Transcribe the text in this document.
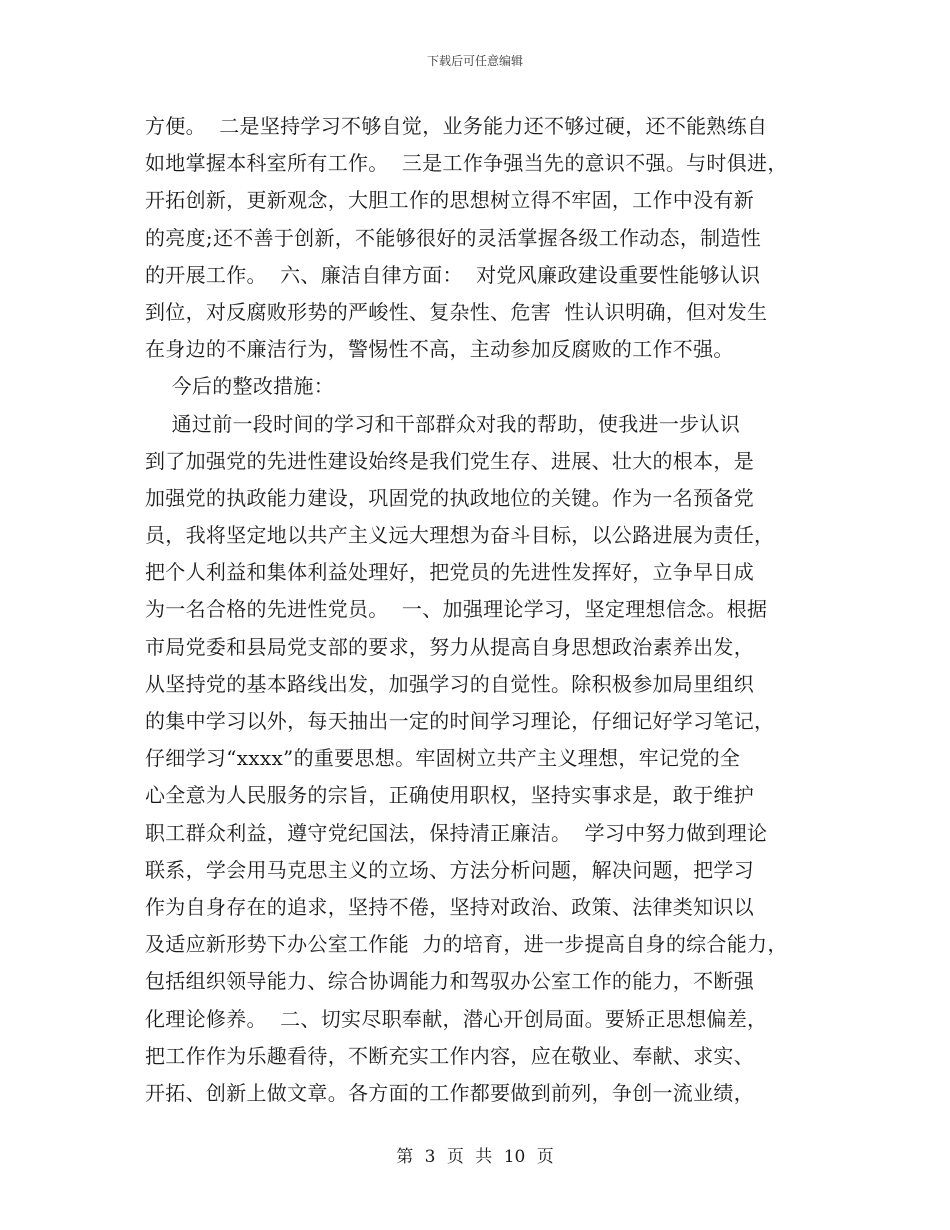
下载后可任意编辑
方便。  二是坚持学习不够自觉，业务能力还不够过硬，还不能熟练自
如地掌握本科室所有工作。  三是工作争强当先的意识不强。与时俱进，
开拓创新，更新观念，大胆工作的思想树立得不牢固，工作中没有新
的亮度;还不善于创新，不能够很好的灵活掌握各级工作动态，制造性
的开展工作。  六、廉洁自律方面：  对党风廉政建设重要性能够认识
到位，对反腐败形势的严峻性、复杂性、危害  性认识明确，但对发生
在身边的不廉洁行为，警惕性不高，主动参加反腐败的工作不强。
今后的整改措施：
通过前一段时间的学习和干部群众对我的帮助，使我进一步认识
到了加强党的先进性建设始终是我们党生存、进展、壮大的根本，是
加强党的执政能力建设，巩固党的执政地位的关键。作为一名预备党
员，我将坚定地以共产主义远大理想为奋斗目标，以公路进展为责任，
把个人利益和集体利益处理好，把党员的先进性发挥好，立争早日成
为一名合格的先进性党员。  一、加强理论学习，坚定理想信念。根据
市局党委和县局党支部的要求，努力从提高自身思想政治素养出发，
从坚持党的基本路线出发，加强学习的自觉性。除积极参加局里组织
的集中学习以外，每天抽出一定的时间学习理论，仔细记好学习笔记，
仔细学习“xxxx”的重要思想。牢固树立共产主义理想，牢记党的全
心全意为人民服务的宗旨，正确使用职权，坚持实事求是，敢于维护
职工群众利益，遵守党纪国法，保持清正廉洁。  学习中努力做到理论
联系，学会用马克思主义的立场、方法分析问题，解决问题，把学习
作为自身存在的追求，坚持不倦，坚持对政治、政策、法律类知识以
及适应新形势下办公室工作能  力的培育，进一步提高自身的综合能力，
包括组织领导能力、综合协调能力和驾驭办公室工作的能力，不断强
化理论修养。  二、切实尽职奉献，潜心开创局面。要矫正思想偏差，
把工作作为乐趣看待，不断充实工作内容，应在敬业、奉献、求实、
开拓、创新上做文章。各方面的工作都要做到前列，争创一流业绩，
第 3 页 共 10 页
